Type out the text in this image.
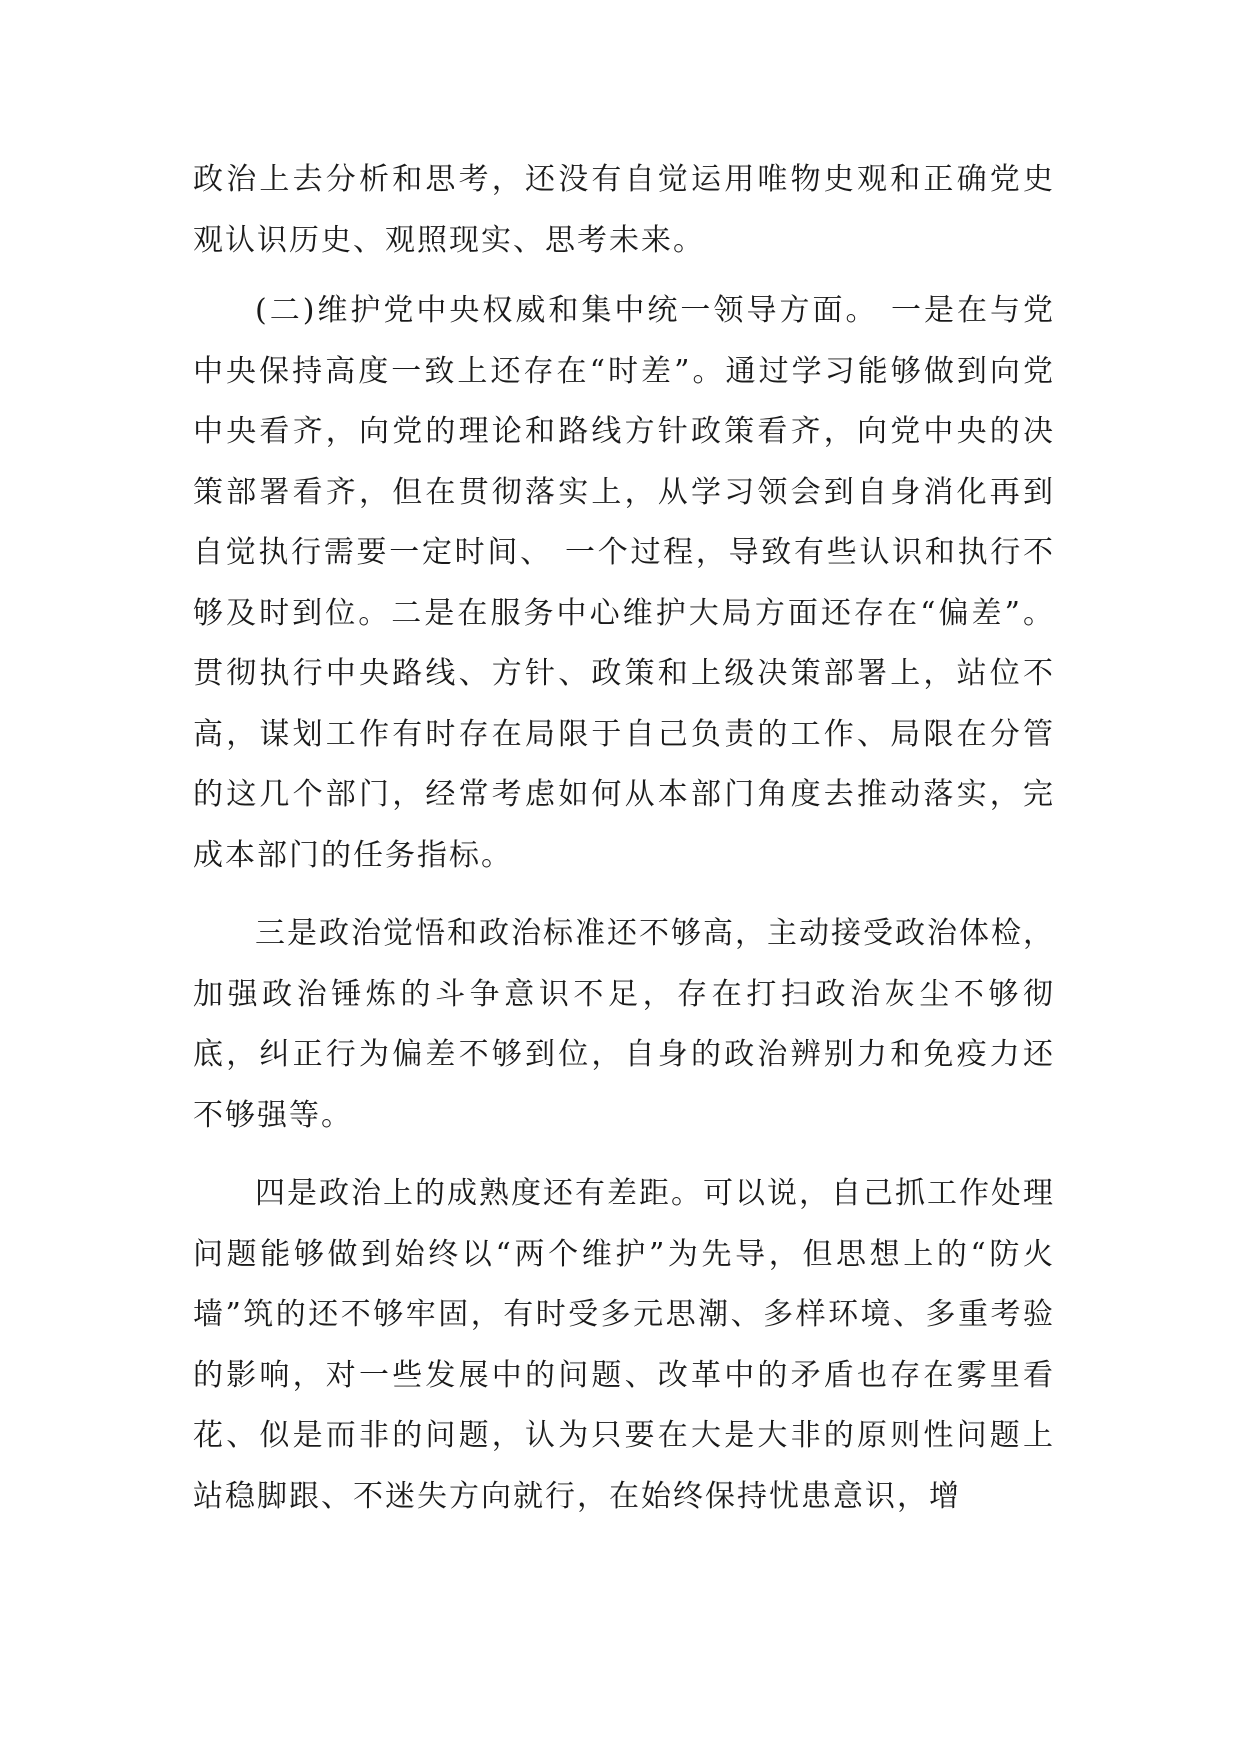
政治上去分析和思考，还没有自觉运用唯物史观和正确党史观认识历史、观照现实、思考未来。

(二)维护党中央权威和集中统一领导方面。 一是在与党中央保持高度一致上还存在“时差”。通过学习能够做到向党中央看齐，向党的理论和路线方针政策看齐，向党中央的决策部署看齐，但在贯彻落实上，从学习领会到自身消化再到自觉执行需要一定时间、 一个过程，导致有些认识和执行不够及时到位。二是在服务中心维护大局方面还存在“偏差”。贯彻执行中央路线、方针、政策和上级决策部署上，站位不高，谋划工作有时存在局限于自己负责的工作、局限在分管的这几个部门，经常考虑如何从本部门角度去推动落实，完成本部门的任务指标。

三是政治觉悟和政治标准还不够高，主动接受政治体检，加强政治锤炼的斗争意识不足，存在打扫政治灰尘不够彻底，纠正行为偏差不够到位，自身的政治辨别力和免疫力还不够强等。

四是政治上的成熟度还有差距。可以说，自己抓工作处理问题能够做到始终以“两个维护”为先导，但思想上的“防火墙”筑的还不够牢固，有时受多元思潮、多样环境、多重考验的影响，对一些发展中的问题、改革中的矛盾也存在雾里看花、似是而非的问题，认为只要在大是大非的原则性问题上站稳脚跟、不迷失方向就行，在始终保持忧患意识，增
